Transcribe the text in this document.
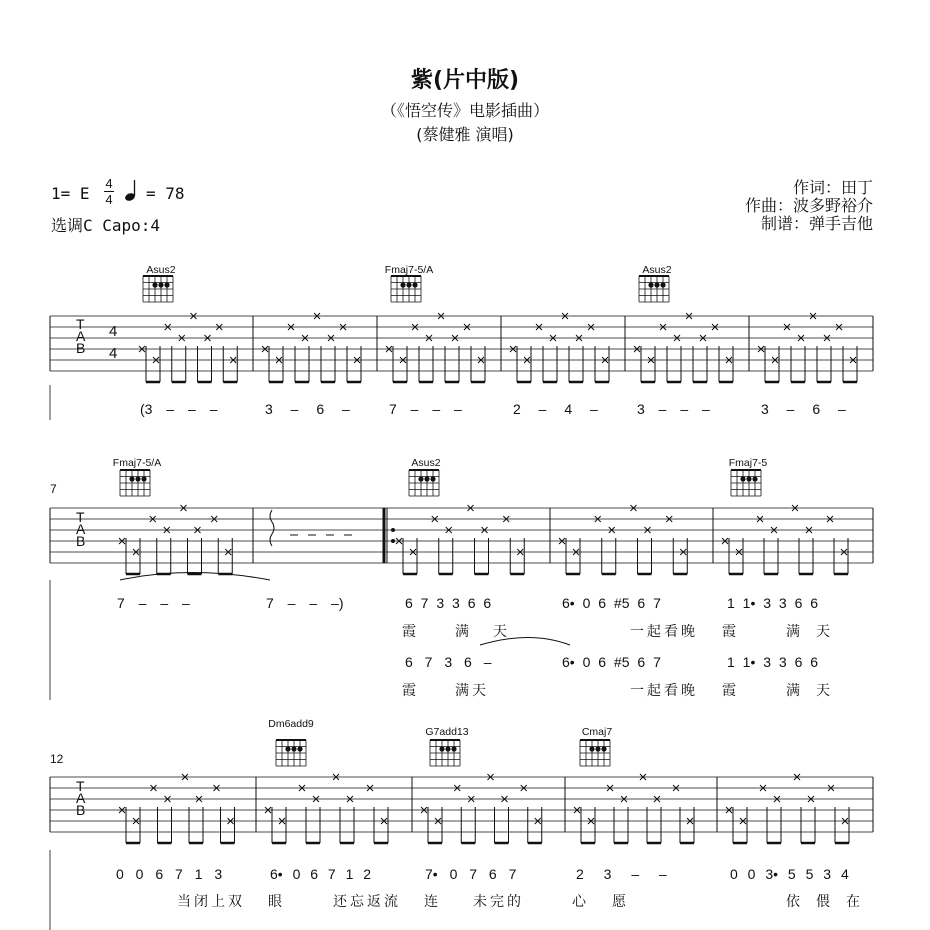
紫(片中版)
（《悟空传》电影插曲）
(蔡健雅 演唱)
1= E
4
4 = 78
选调C Capo:4
作词：田丁
作曲：波多野裕介
制谱：弹手吉他
Asus2	Fmaj7-5/A	Asus2
Fmaj7-5/A	Asus2	Fmaj7-5
Dm6add9
G7add13	Cmaj7
7
12
T
A
B
4
4
T
A
B
T
A
B
(3 – – –	3 – 6 –	7 – – –	2 – 4 –	3 – – –	3 – 6 –
7 – – –	7 – – –)	6 7 3 3 6 6	6• 0 6 #5 6 7	1 1• 3 3 6 6
霞	满 天	一起看晚 霞	满 天
6 7 3 6 –	6• 0 6 #5 6 7	1 1• 3 3 6 6
霞	满天	一起看晚 霞	满 天
0 0 6 7 1 3	6• 0 6 7 1 2	7• 0 7 6 7	2 3 – –	0 0 3• 5 5 3 4
当闭上双 眼	还忘返流 连	未完的	心 愿	依 偎 在
